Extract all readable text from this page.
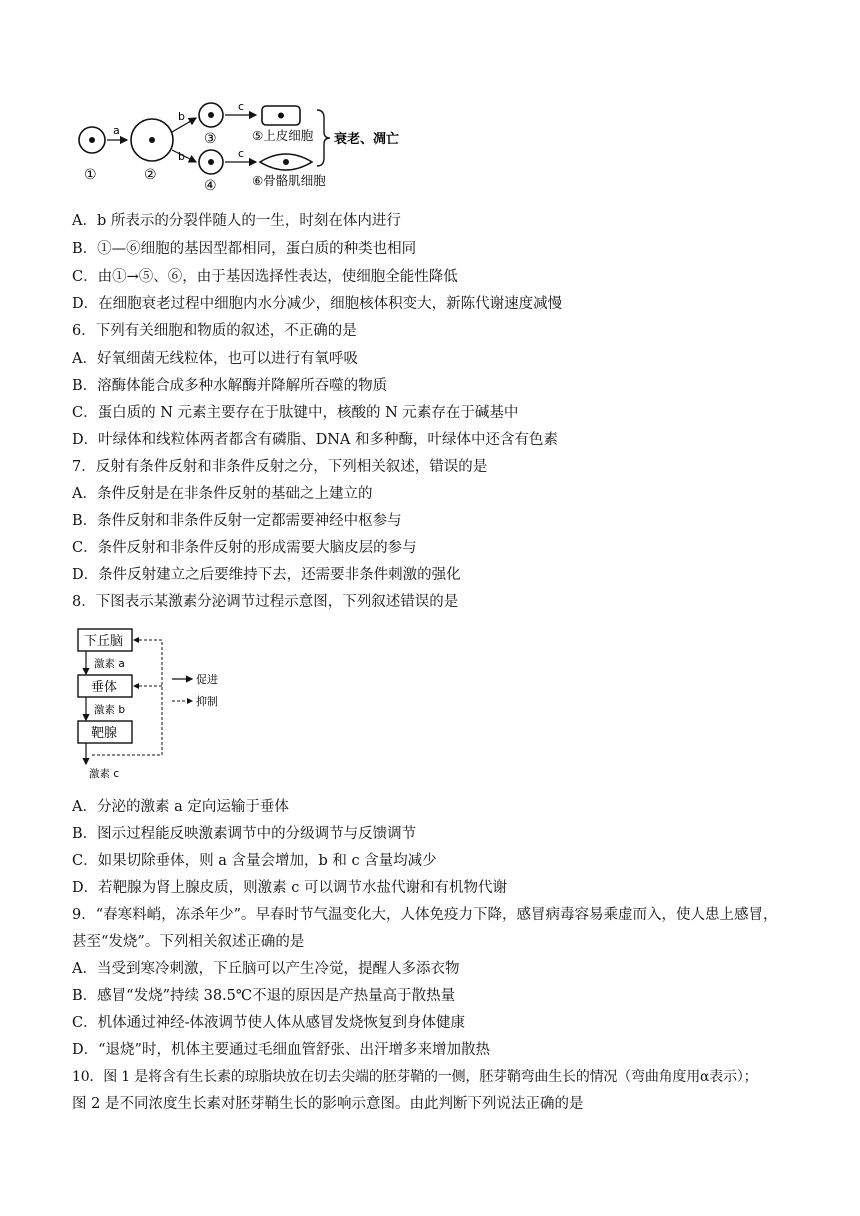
①
a
②
b
b
③
④
c
c
⑤上皮细胞
⑥骨骼肌细胞
衰老、凋亡
A．b 所表示的分裂伴随人的一生，时刻在体内进行
B．①—⑥细胞的基因型都相同，蛋白质的种类也相同
C．由①→⑤、⑥，由于基因选择性表达，使细胞全能性降低
D．在细胞衰老过程中细胞内水分减少，细胞核体积变大，新陈代谢速度减慢
6．下列有关细胞和物质的叙述，不正确的是
A．好氧细菌无线粒体，也可以进行有氧呼吸
B．溶酶体能合成多种水解酶并降解所吞噬的物质
C．蛋白质的 N 元素主要存在于肽键中，核酸的 N 元素存在于碱基中
D．叶绿体和线粒体两者都含有磷脂、DNA 和多种酶，叶绿体中还含有色素
7．反射有条件反射和非条件反射之分，下列相关叙述，错误的是
A．条件反射是在非条件反射的基础之上建立的
B．条件反射和非条件反射一定都需要神经中枢参与
C．条件反射和非条件反射的形成需要大脑皮层的参与
D．条件反射建立之后要维持下去，还需要非条件刺激的强化
8．下图表示某激素分泌调节过程示意图，下列叙述错误的是
下丘脑
垂体
靶腺
激素 a
激素 b
激素 c
促进
抑制
A．分泌的激素 a 定向运输于垂体
B．图示过程能反映激素调节中的分级调节与反馈调节
C．如果切除垂体，则 a 含量会增加，b 和 c 含量均减少
D．若靶腺为肾上腺皮质，则激素 c 可以调节水盐代谢和有机物代谢
9．“春寒料峭，冻杀年少”。早春时节气温变化大，人体免疫力下降，感冒病毒容易乘虚而入，使人患上感冒，
甚至“发烧”。下列相关叙述正确的是
A．当受到寒冷刺激，下丘脑可以产生冷觉，提醒人多添衣物
B．感冒“发烧”持续 38.5℃不退的原因是产热量高于散热量
C．机体通过神经-体液调节使人体从感冒发烧恢复到身体健康
D．“退烧”时，机体主要通过毛细血管舒张、出汗增多来增加散热
10．图 1 是将含有生长素的琼脂块放在切去尖端的胚芽鞘的一侧，胚芽鞘弯曲生长的情况（弯曲角度用α表示）；
图 2 是不同浓度生长素对胚芽鞘生长的影响示意图。由此判断下列说法正确的是
